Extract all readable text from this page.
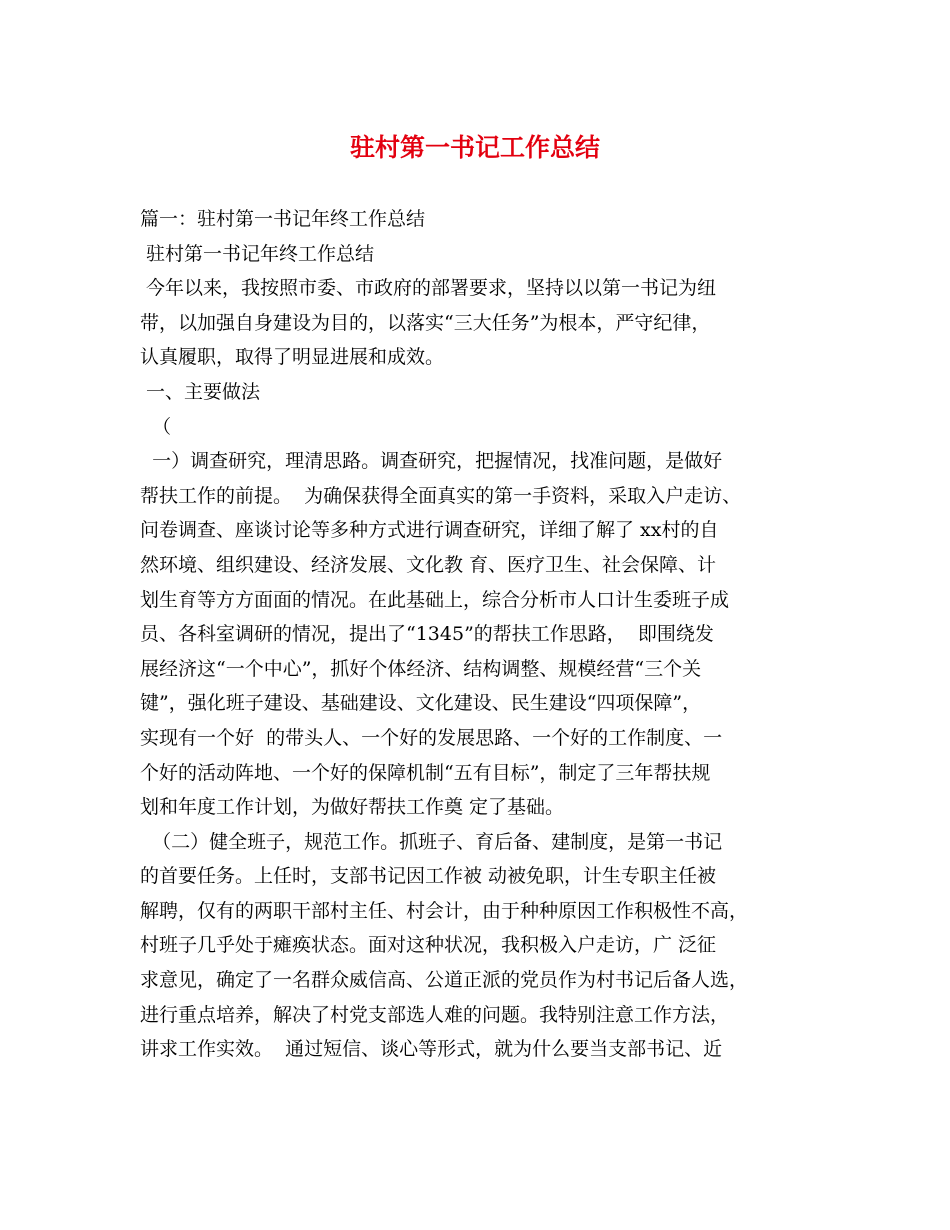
驻村第一书记工作总结
篇一：驻村第一书记年终工作总结
驻村第一书记年终工作总结
今年以来，我按照市委、市政府的部署要求，坚持以以第一书记为纽
带，以加强自身建设为目的，以落实“三大任务”为根本，严守纪律，
认真履职，取得了明显进展和成效。
一、主要做法
（
一）调查研究，理清思路。调查研究，把握情况，找准问题，是做好
帮扶工作的前提。  为确保获得全面真实的第一手资料，采取入户走访、
问卷调查、座谈讨论等多种方式进行调查研究，详细了解了 xx村的自
然环境、组织建设、经济发展、文化教 育、医疗卫生、社会保障、计
划生育等方方面面的情况。在此基础上，综合分析市人口计生委班子成
员、各科室调研的情况，提出了“1345”的帮扶工作思路，  即围绕发
展经济这“一个中心”，抓好个体经济、结构调整、规模经营“三个关
键”，强化班子建设、基础建设、文化建设、民生建设“四项保障”，
实现有一个好  的带头人、一个好的发展思路、一个好的工作制度、一
个好的活动阵地、一个好的保障机制“五有目标”，制定了三年帮扶规
划和年度工作计划，为做好帮扶工作奠 定了基础。
（二）健全班子，规范工作。抓班子、育后备、建制度，是第一书记
的首要任务。上任时，支部书记因工作被 动被免职，计生专职主任被
解聘，仅有的两职干部村主任、村会计，由于种种原因工作积极性不高，
村班子几乎处于瘫痪状态。面对这种状况，我积极入户走访，广 泛征
求意见，确定了一名群众威信高、公道正派的党员作为村书记后备人选，
进行重点培养，解决了村党支部选人难的问题。我特别注意工作方法，
讲求工作实效。  通过短信、谈心等形式，就为什么要当支部书记、近
